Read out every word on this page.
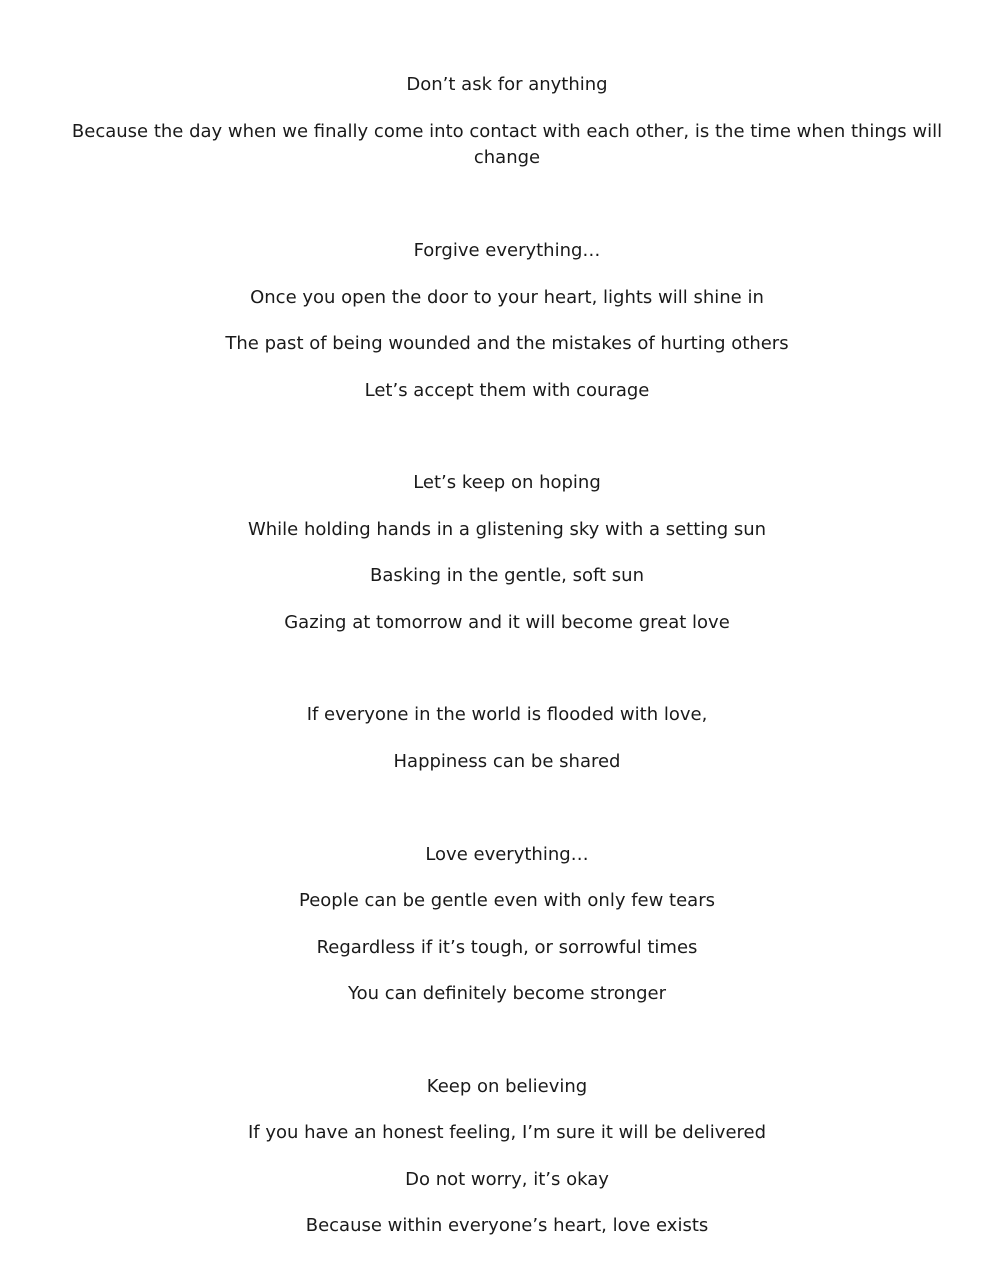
Don’t ask for anything
Because the day when we finally come into contact with each other, is the time when things will change
Forgive everything…
Once you open the door to your heart, lights will shine in
The past of being wounded and the mistakes of hurting others
Let’s accept them with courage
Let’s keep on hoping
While holding hands in a glistening sky with a setting sun
Basking in the gentle, soft sun
Gazing at tomorrow and it will become great love
If everyone in the world is flooded with love,
Happiness can be shared
Love everything…
People can be gentle even with only few tears
Regardless if it’s tough, or sorrowful times
You can definitely become stronger
Keep on believing
If you have an honest feeling, I’m sure it will be delivered
Do not worry, it’s okay
Because within everyone’s heart, love exists
